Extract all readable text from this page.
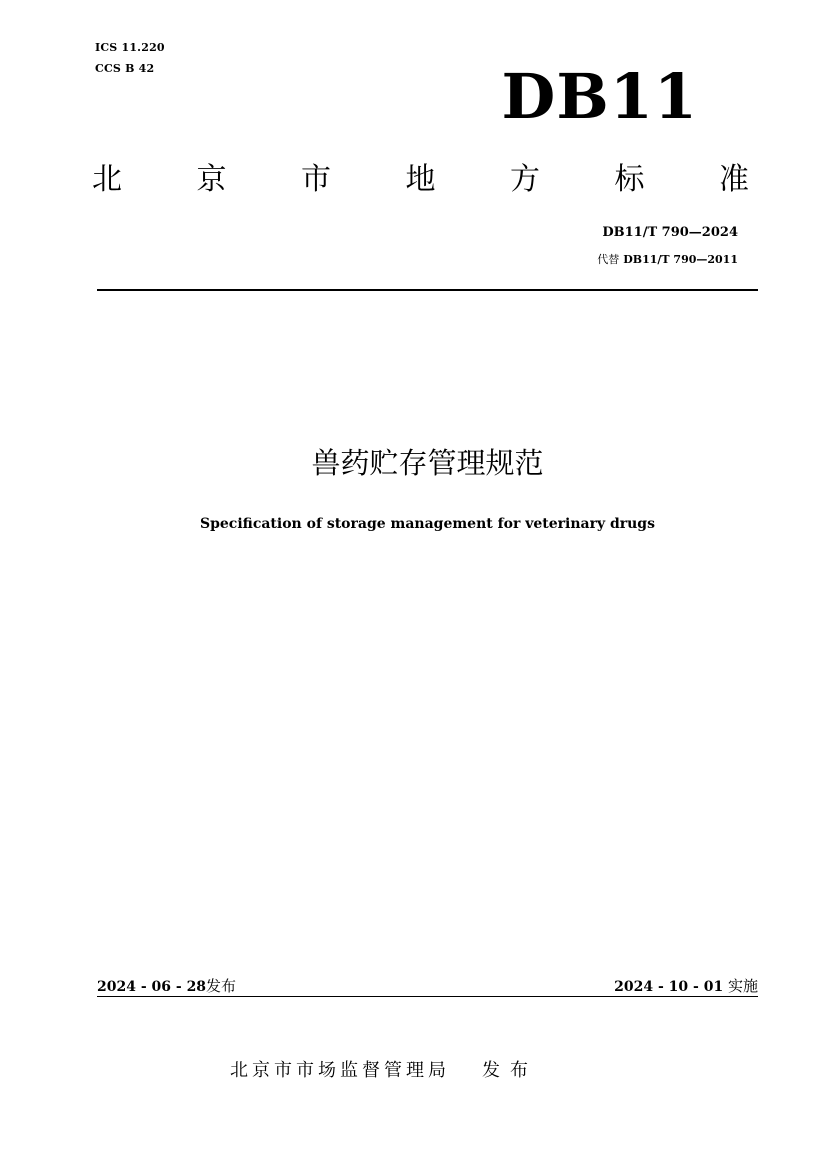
ICS 11.220
CCS B 42	DB11
北 京 市 地 方 标 准
DB11/T 790—2024
代替 DB11/T 790—2011
兽药贮存管理规范
Specification of storage management for veterinary drugs
2024 - 06 - 28发布	2024 - 10 - 01 实施
北京市市场监督管理局 发布
